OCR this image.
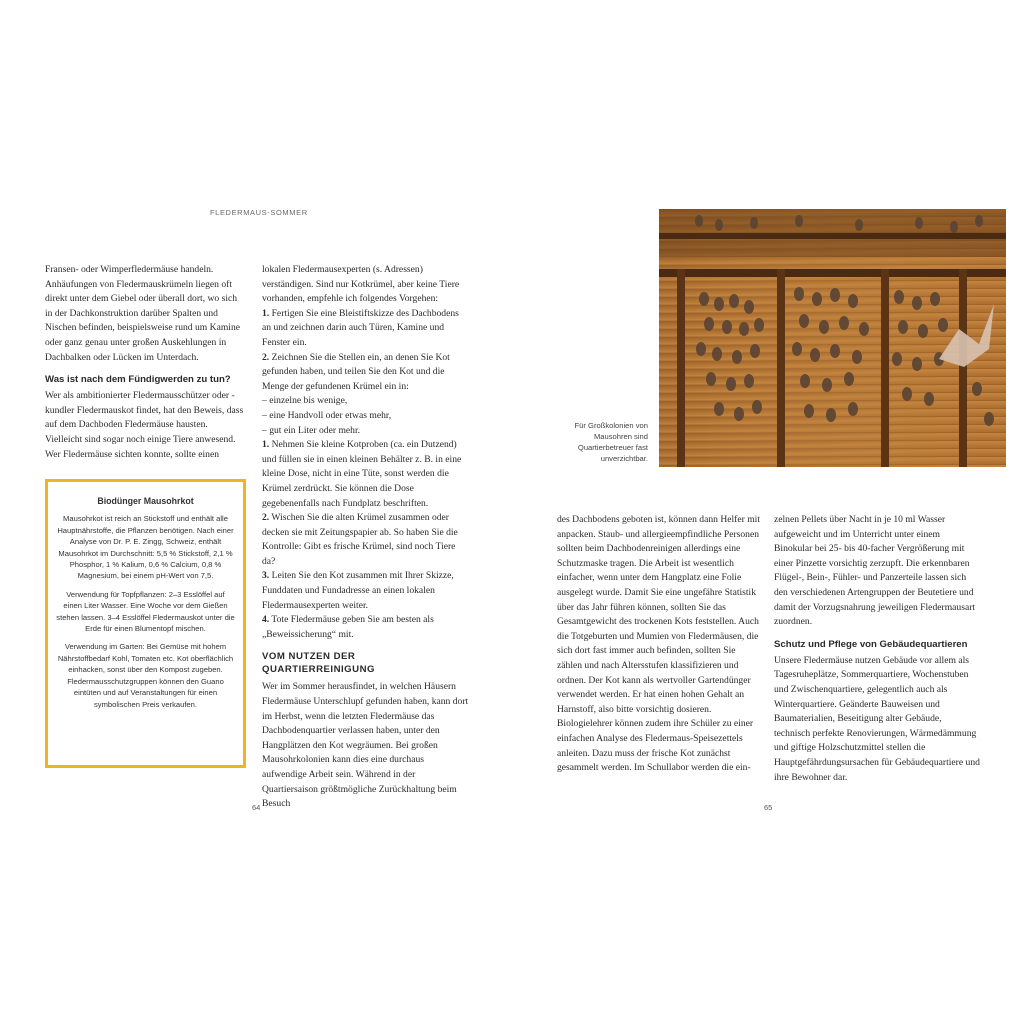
FLEDERMAUS-SOMMER

Fransen- oder Wimperfledermäuse handeln. Anhäufungen von Fledermauskrümeln liegen oft direkt unter dem Giebel oder überall dort, wo sich in der Dachkonstruktion darüber Spalten und Nischen befinden, beispielsweise rund um Kamine oder ganz genau unter großen Auskehlungen in Dachbalken oder Lücken im Unterdach.

Was ist nach dem Fündigwerden zu tun?

Wer als ambitionierter Fledermausschützer oder -kundler Fledermauskot findet, hat den Beweis, dass auf dem Dachboden Fledermäuse hausten. Vielleicht sind sogar noch einige Tiere anwesend. Wer Fledermäuse sichten konnte, sollte einen

Biodünger Mausohrkot

Mausohrkot ist reich an Stickstoff und enthält alle Hauptnährstoffe, die Pflanzen benötigen. Nach einer Analyse von Dr. P. E. Zingg, Schweiz, enthält Mausohrkot im Durchschnitt: 5,5 % Stickstoff, 2,1 % Phosphor, 1 % Kalium, 0,6 % Calcium, 0,8 % Magnesium, bei einem pH-Wert von 7,5.

Verwendung für Topfpflanzen: 2–3 Esslöffel auf einen Liter Wasser. Eine Woche vor dem Gießen stehen lassen. 3–4 Esslöffel Fledermauskot unter die Erde für einen Blumentopf mischen.

Verwendung im Garten: Bei Gemüse mit hohem Nährstoffbedarf Kohl, Tomaten etc. Kot oberflächlich einhacken, sonst über den Kompost zugeben. Fledermausschutzgruppen können den Guano eintüten und auf Veranstaltungen für einen symbolischen Preis verkaufen.

lokalen Fledermausexperten (s. Adressen) verständigen. Sind nur Kotkrümel, aber keine Tiere vorhanden, empfehle ich folgendes Vorgehen:

1. Fertigen Sie eine Bleistiftskizze des Dachbodens an und zeichnen darin auch Türen, Kamine und Fenster ein.

2. Zeichnen Sie die Stellen ein, an denen Sie Kot gefunden haben, und teilen Sie den Kot und die Menge der gefundenen Krümel ein in:

– einzelne bis wenige,

– eine Handvoll oder etwas mehr,

– gut ein Liter oder mehr.

1. Nehmen Sie kleine Kotproben (ca. ein Dutzend) und füllen sie in einen kleinen Behälter z. B. in eine kleine Dose, nicht in eine Tüte, sonst werden die Krümel zerdrückt. Sie können die Dose gegebenenfalls nach Fundplatz beschriften.

2. Wischen Sie die alten Krümel zusammen oder decken sie mit Zeitungspapier ab. So haben Sie die Kontrolle: Gibt es frische Krümel, sind noch Tiere da?

3. Leiten Sie den Kot zusammen mit Ihrer Skizze, Funddaten und Fundadresse an einen lokalen Fledermausexperten weiter.

4. Tote Fledermäuse geben Sie am besten als „Beweissicherung“ mit.

VOM NUTZEN DER
QUARTIERREINIGUNG

Wer im Sommer herausfindet, in welchen Häusern Fledermäuse Unterschlupf gefunden haben, kann dort im Herbst, wenn die letzten Fledermäuse das Dachbodenquartier verlassen haben, unter den Hangplätzen den Kot wegräumen. Bei großen Mausohrkolonien kann dies eine durchaus aufwendige Arbeit sein. Während in der Quartiersaison größtmögliche Zurückhaltung beim Besuch

64
Für Großkolonien von Mausohren sind Quartierbetreuer fast unverzichtbar.

des Dachbodens geboten ist, können dann Helfer mit anpacken. Staub- und allergieempfindliche Personen sollten beim Dachbodenreinigen allerdings eine Schutzmaske tragen. Die Arbeit ist wesentlich einfacher, wenn unter dem Hangplatz eine Folie ausgelegt wurde. Damit Sie eine ungefähre Statistik über das Jahr führen können, sollten Sie das Gesamtgewicht des trockenen Kots feststellen. Auch die Totgeburten und Mumien von Fledermäusen, die sich dort fast immer auch befinden, sollten Sie zählen und nach Altersstufen klassifizieren und ordnen. Der Kot kann als wertvoller Gartendünger verwendet werden. Er hat einen hohen Gehalt an Harnstoff, also bitte vorsichtig dosieren.

Biologielehrer können zudem ihre Schüler zu einer einfachen Analyse des Fledermaus-Speisezettels anleiten. Dazu muss der frische Kot zunächst gesammelt werden. Im Schullabor werden die ein-

zelnen Pellets über Nacht in je 10 ml Wasser aufgeweicht und im Unterricht unter einem Binokular bei 25- bis 40-facher Vergrößerung mit einer Pinzette vorsichtig zerzupft. Die erkennbaren Flügel-, Bein-, Fühler- und Panzerteile lassen sich den verschiedenen Artengruppen der Beutetiere und damit der Vorzugsnahrung jeweiligen Fledermausart zuordnen.

Schutz und Pflege von Gebäudequartieren

Unsere Fledermäuse nutzen Gebäude vor allem als Tagesruheplätze, Sommerquartiere, Wochenstuben und Zwischenquartiere, gelegentlich auch als Winterquartiere. Geänderte Bauweisen und Baumaterialien, Beseitigung alter Gebäude, technisch perfekte Renovierungen, Wärmedämmung und giftige Holzschutzmittel stellen die Hauptgefährdungsursachen für Gebäudequartiere und ihre Bewohner dar.

65
